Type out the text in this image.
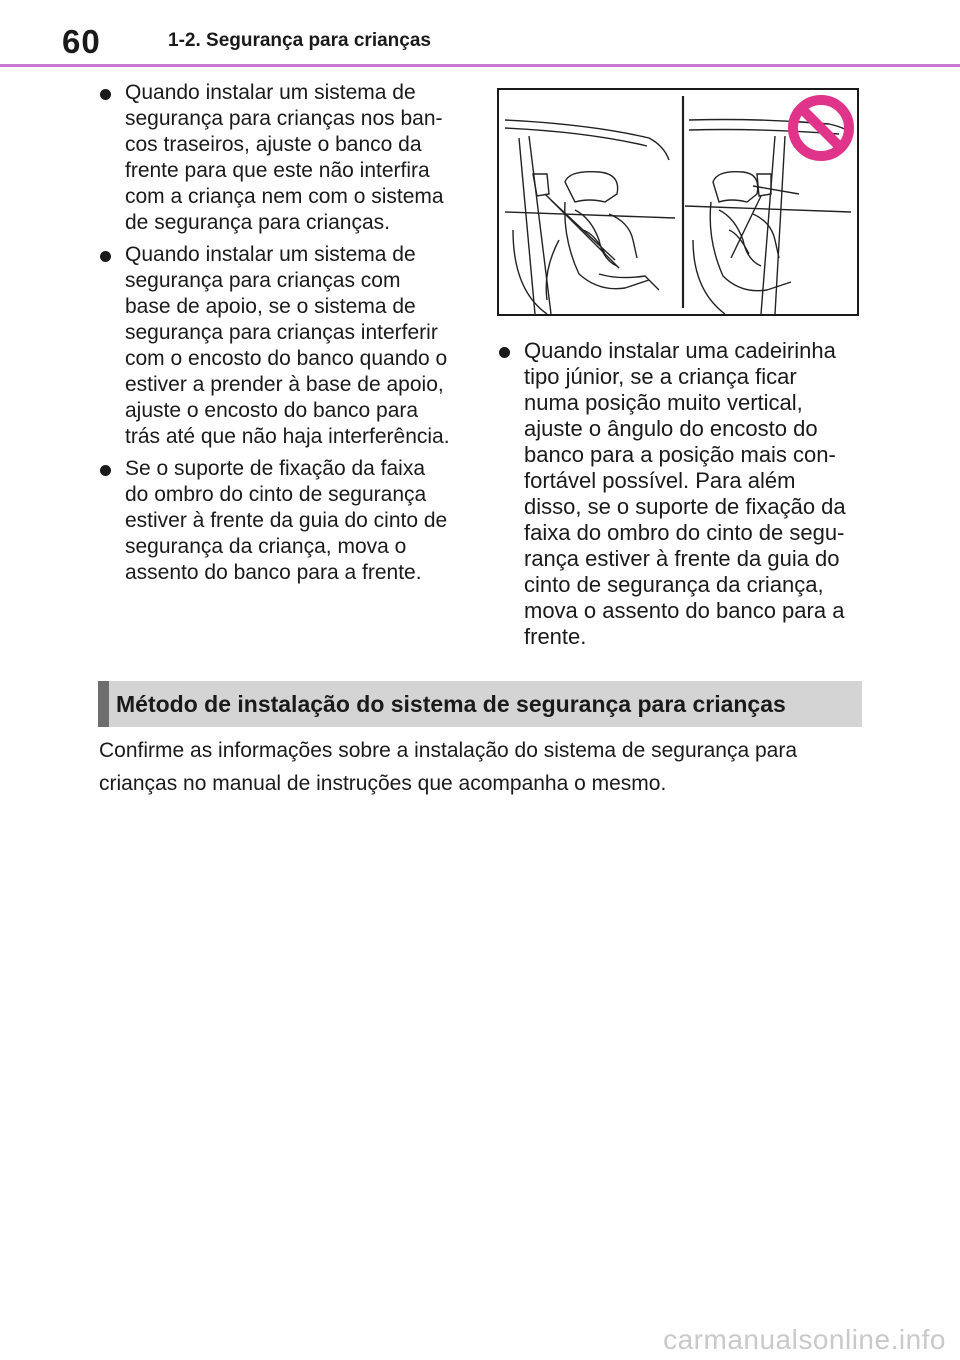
60	1-2. Segurança para crianças
Quando instalar um sistema de
segurança para crianças nos ban-
cos traseiros, ajuste o banco da
frente para que este não interfira
com a criança nem com o sistema
de segurança para crianças.
Quando instalar um sistema de
segurança para crianças com
base de apoio, se o sistema de
segurança para crianças interferir
com o encosto do banco quando o
estiver a prender à base de apoio,
ajuste o encosto do banco para
trás até que não haja interferência.
Se o suporte de fixação da faixa
do ombro do cinto de segurança
estiver à frente da guia do cinto de
segurança da criança, mova o
assento do banco para a frente.
Quando instalar uma cadeirinha
tipo júnior, se a criança ficar
numa posição muito vertical,
ajuste o ângulo do encosto do
banco para a posição mais con-
fortável possível. Para além
disso, se o suporte de fixação da
faixa do ombro do cinto de segu-
rança estiver à frente da guia do
cinto de segurança da criança,
mova o assento do banco para a
frente.
Método de instalação do sistema de segurança para crianças
Confirme as informações sobre a instalação do sistema de segurança para
crianças no manual de instruções que acompanha o mesmo.
carmanualsonline.info
